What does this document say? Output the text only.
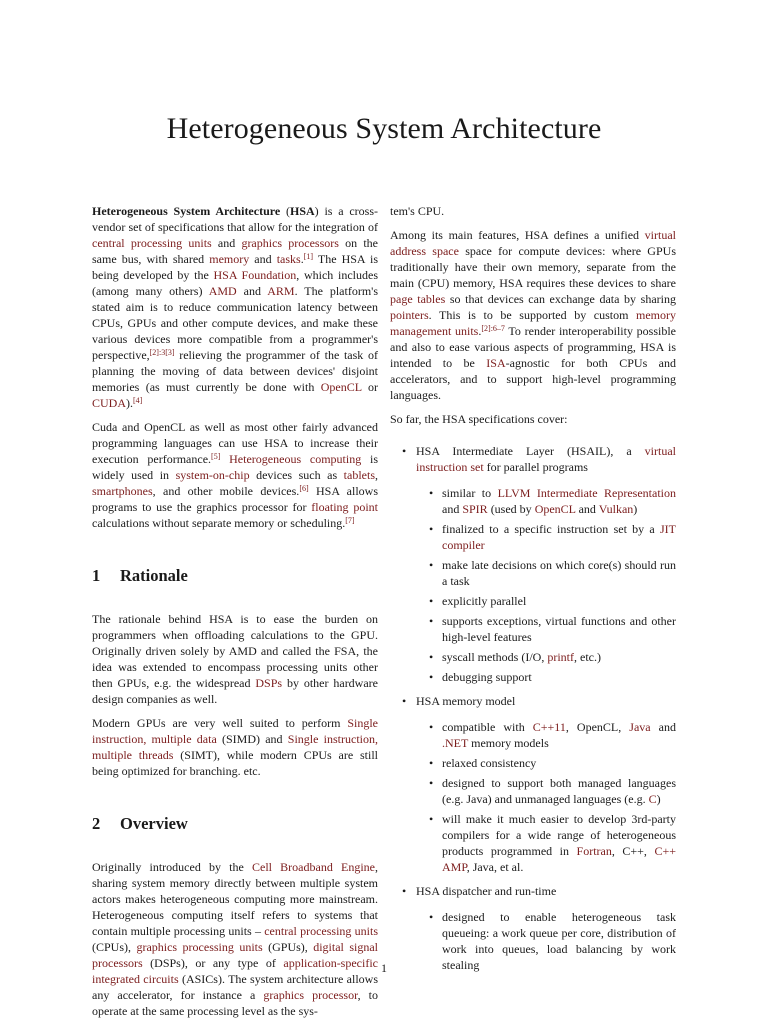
Heterogeneous System Architecture

Heterogeneous System Architecture (HSA) is a cross-vendor set of specifications that allow for the integration of central processing units and graphics processors on the same bus, with shared memory and tasks.[1] The HSA is being developed by the HSA Foundation, which includes (among many others) AMD and ARM. The platform's stated aim is to reduce communication latency between CPUs, GPUs and other compute devices, and make these various devices more compatible from a programmer's perspective,[2]:3[3] relieving the programmer of the task of planning the moving of data between devices' disjoint memories (as must currently be done with OpenCL or CUDA).[4]

Cuda and OpenCL as well as most other fairly advanced programming languages can use HSA to increase their execution performance.[5] Heterogeneous computing is widely used in system-on-chip devices such as tablets, smartphones, and other mobile devices.[6] HSA allows programs to use the graphics processor for floating point calculations without separate memory or scheduling.[7]

1 Rationale

The rationale behind HSA is to ease the burden on programmers when offloading calculations to the GPU. Originally driven solely by AMD and called the FSA, the idea was extended to encompass processing units other then GPUs, e.g. the widespread DSPs by other hardware design companies as well.

Modern GPUs are very well suited to perform Single instruction, multiple data (SIMD) and Single instruction, multiple threads (SIMT), while modern CPUs are still being optimized for branching. etc.

2 Overview

Originally introduced by the Cell Broadband Engine, sharing system memory directly between multiple system actors makes heterogeneous computing more mainstream. Heterogeneous computing itself refers to systems that contain multiple processing units – central processing units (CPUs), graphics processing units (GPUs), digital signal processors (DSPs), or any type of application-specific integrated circuits (ASICs). The system architecture allows any accelerator, for instance a graphics processor, to operate at the same processing level as the sys-

tem's CPU.

Among its main features, HSA defines a unified virtual address space space for compute devices: where GPUs traditionally have their own memory, separate from the main (CPU) memory, HSA requires these devices to share page tables so that devices can exchange data by sharing pointers. This is to be supported by custom memory management units.$^{[2]:6-7}$ To render interoperability possible and also to ease various aspects of programming, HSA is intended to be ISA-agnostic for both CPUs and accelerators, and to support high-level programming languages.

So far, the HSA specifications cover:

• HSA Intermediate Layer (HSAIL), a virtual instruction set for parallel programs
• similar to LLVM Intermediate Representation and SPIR (used by OpenCL and Vulkan)
• finalized to a specific instruction set by a JIT compiler
• make late decisions on which core(s) should run a task
• explicitly parallel
• supports exceptions, virtual functions and other high-level features
• syscall methods (I/O, printf, etc.)
• debugging support
• HSA memory model
• compatible with C++11, OpenCL, Java and .NET memory models
• relaxed consistency
• designed to support both managed languages (e.g. Java) and unmanaged languages (e.g. C)
• will make it much easier to develop 3rd-party compilers for a wide range of heterogeneous products programmed in Fortran, C++, C++ AMP, Java, et al.
• HSA dispatcher and run-time
• designed to enable heterogeneous task queueing: a work queue per core, distribution of work into queues, load balancing by work stealing
1
